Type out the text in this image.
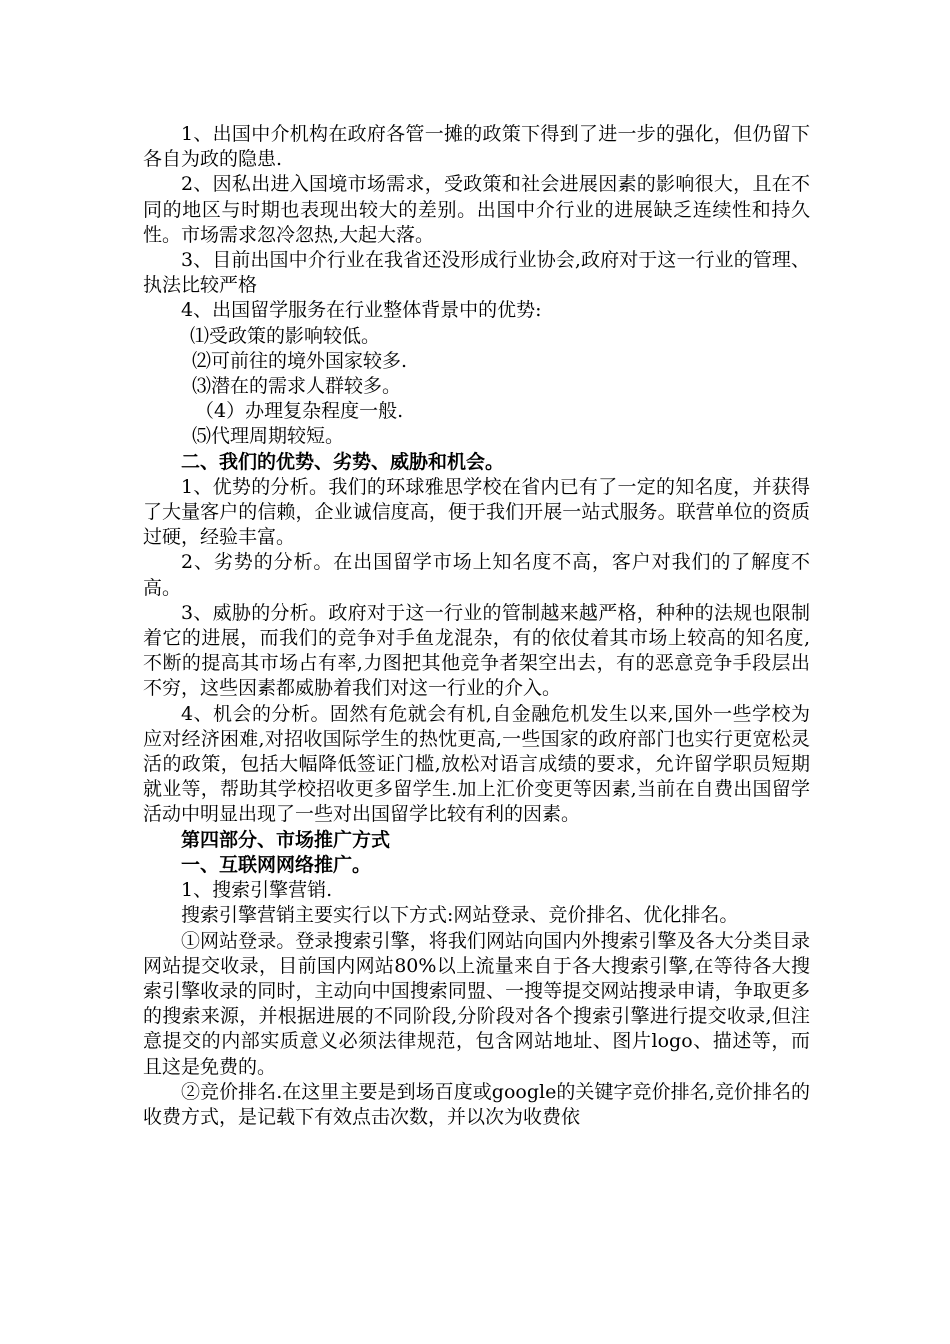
1、出国中介机构在政府各管一摊的政策下得到了进一步的强化，但仍留下各自为政的隐患.

2、因私出进入国境市场需求，受政策和社会进展因素的影响很大，且在不同的地区与时期也表现出较大的差别。出国中介行业的进展缺乏连续性和持久性。市场需求忽冷忽热,大起大落。

3、目前出国中介行业在我省还没形成行业协会,政府对于这一行业的管理、执法比较严格

4、出国留学服务在行业整体背景中的优势:

⑴受政策的影响较低。

⑵可前往的境外国家较多.

⑶潜在的需求人群较多。

（4）办理复杂程度一般.

⑸代理周期较短。

二、我们的优势、劣势、威胁和机会。

1、优势的分析。我们的环球雅思学校在省内已有了一定的知名度，并获得了大量客户的信赖，企业诚信度高，便于我们开展一站式服务。联营单位的资质过硬，经验丰富。

2、劣势的分析。在出国留学市场上知名度不高，客户对我们的了解度不高。

3、威胁的分析。政府对于这一行业的管制越来越严格，种种的法规也限制着它的进展，而我们的竞争对手鱼龙混杂，有的依仗着其市场上较高的知名度,不断的提高其市场占有率,力图把其他竞争者架空出去，有的恶意竞争手段层出不穷，这些因素都威胁着我们对这一行业的介入。

4、机会的分析。固然有危就会有机,自金融危机发生以来,国外一些学校为应对经济困难,对招收国际学生的热忱更高,一些国家的政府部门也实行更宽松灵活的政策，包括大幅降低签证门槛,放松对语言成绩的要求，允许留学职员短期就业等，帮助其学校招收更多留学生.加上汇价变更等因素,当前在自费出国留学活动中明显出现了一些对出国留学比较有利的因素。

第四部分、市场推广方式

一、互联网网络推广。

1、搜索引擎营销.

搜索引擎营销主要实行以下方式:网站登录、竞价排名、优化排名。

①网站登录。登录搜索引擎，将我们网站向国内外搜索引擎及各大分类目录网站提交收录，目前国内网站80%以上流量来自于各大搜索引擎,在等待各大搜索引擎收录的同时，主动向中国搜索同盟、一搜等提交网站搜录申请，争取更多的搜索来源，并根据进展的不同阶段,分阶段对各个搜索引擎进行提交收录,但注意提交的内部实质意义必须法律规范，包含网站地址、图片logo、描述等，而且这是免费的。

②竞价排名.在这里主要是到场百度或google的关键字竞价排名,竞价排名的收费方式，是记载下有效点击次数，并以次为收费依
